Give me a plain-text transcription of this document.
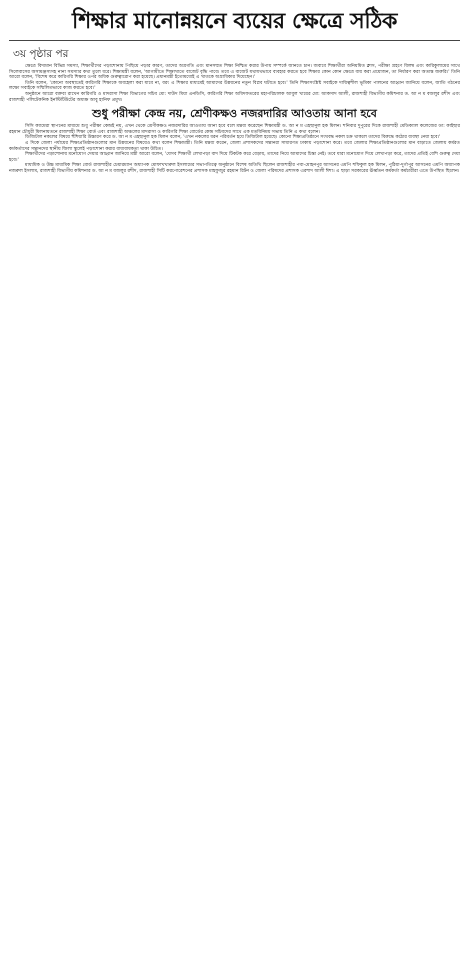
শিক্ষার মানোন্নয়নে ব্যয়ের ক্ষেত্রে সঠিক
৩য় পৃষ্ঠার পর

ক্ষেত্রে বিদ্যমান বিভিন্ন সমস্যা, শিক্ষার্থীদের পড়াশোনায় পিছিয়ে পড়ার কারণ, তাদের অগ্রগতি এবং মানসম্মত শিক্ষা নিশ্চিত করার উপায় সম্পর্কে জানতে চান। জবাবে শিক্ষার্থীরা অনিয়মিত ক্লাস, পরীক্ষা গ্রহণে বিলম্ব এবং কারিকুলামের সাথে সিলেবাসের অসামঞ্জস্যসহ নানা সমস্যার কথা তুলে ধরে। শিক্ষামন্ত্রী বলেন, 'আগামীতে শিক্ষাখাতে বাজেট বৃদ্ধি পাবে। তবে এ বাজেট যথাযথভাবে ব্যবহার করতে হবে শিক্ষার কোন কোন ক্ষেত্রে ব্যয় করা প্রয়োজন, তা নির্ধারণ করা অত্যন্ত জরুরি।' তিনি আরো বলেন, 'বিশেষ করে কারিগরি শিক্ষার ওপর অধিক গুরুত্বারোপ করা হয়েছে। প্রধানমন্ত্রী ইতোমধ্যেই এ খাতকে অগ্রাধিকার দিয়েছেন।'

তিনি বলেন, 'কোনো অবস্থাতেই কারিগরি শিক্ষাকে অবহেলা করা যাবে না, বরং এ শিক্ষার মাধ্যমেই আমাদের উন্নয়নের নতুন বিপ্লব ঘটাতে হবে।' তিনি শিক্ষাসংশ্লিষ্ট সবাইকে দায়িত্বশীল ভূমিকা পালনের আহ্বান জানিয়ে বলেন, জাতি গঠনের লক্ষ্যে সবাইকে সম্মিলিতভাবে কাজ করতে হবে।'

অনুষ্ঠানে আরো বক্তব্য রাখেন কারিগরি ও মাদরাসা শিক্ষা বিভাগের সচিব মো: দাউদ মিয়া এনডিসি, কারিগরি শিক্ষা অধিদফতরের মহাপরিচালক আবুল খায়ের মো: আকসাদ আলী, রাজশাহী বিভাগীয় কমিশনার ড. আ ন ম বজলুর রশীদ এবং রাজশাহী পলিটেকনিক ইনস্টিটিউটের অধ্যক্ষ আবু হানিফ প্রমুখ।

শুধু পরীক্ষা কেন্দ্র নয়, শ্রেণীকক্ষও নজরদারির আওতায় আনা হবে

সিসি ক্যামেরা স্থাপনের মাধ্যমে শুধু পরীক্ষা কেন্দ্রই নয়, এখন থেকে শ্রেণীকক্ষও নজরদারির আওতায় আনা হবে বলে মন্তব্য করেছেন শিক্ষামন্ত্রী ড. আ ন ম এহছানুল হক মিলন। শনিবার দুপুরের দিকে রাজশাহী মেডিক্যাল কলেজের ডা: কাইছার রহমান চৌধুরী মিলনায়তনে রাজশাহী শিক্ষা বোর্ড এবং রাজশাহী অঞ্চলের মাদরাসা ও কারিগরি শিক্ষা বোর্ডের কেন্দ্র সচিবদের সাথে এক মতবিনিময় সভায় তিনি এ কথা বলেন।

ডিজিটাল নকলের বিষয়ে হুঁশিয়ারি উচ্চারণ করে ড. আ ন ম এহছানুল হক মিলন বলেন, 'এখন নকলের ধরন পরিবর্তন হয়ে ডিজিটাল হয়েছে। কোনো শিক্ষাপ্রতিষ্ঠানে সংঘবদ্ধ নকল চক্র থাকলে তাদের বিরুদ্ধে কঠোর ব্যবস্থা নেয়া হবে।'

এ দিকে জেলা পর্যায়ের শিক্ষাপ্রতিষ্ঠানগুলোর মান উন্নয়নের বিষয়েও কথা বলেন শিক্ষামন্ত্রী। তিনি মন্তব্য করেন, জেলা প্রশাসকদের সন্তানরা সাধারণত ঢাকায় পড়াশোনা করে। তবে জেলার শিক্ষাপ্রতিষ্ঠানগুলোর মান বাড়াতে জেলায় কর্মরত কর্মকর্তাদের সন্তানদের স্থানীয় জিলা স্কুলেই পড়াশোনা করার বাধ্যবাধকতা থাকা উচিত।

শিক্ষার্থীদের পড়াশোনায় মনোযোগ দেয়ার আহ্বান জানিয়ে মন্ত্রী আরো বলেন, 'যেসব শিক্ষার্থী লেখাপড়া বাদ দিয়ে টিকটক করে বেড়ায়, তাদের নিয়ে আমাদের চিন্তা নেই। তবে যারা মনোযোগ দিয়ে লেখাপড়া করে, তাদের প্রতিই বেশি গুরুত্ব দেয়া হবে।'

মাধ্যমিক ও উচ্চ মাধ্যমিক শিক্ষা বোর্ড রাজশাহীর চেয়ারম্যান অধ্যাপক মোফাখখারুল ইসলামের সভাপতিত্বে অনুষ্ঠানে বিশেষ অতিথি ছিলেন রাজশাহীর পবা-মোহনপুর আসনের এমপি শফিকুল হক মিলন, পুঠিয়া-দুর্গাপুর আসনের এমপি অধ্যাপক নজরুল ইসলাম, রাজশাহী বিভাগীয় কমিশনার ড. আ ন ম বজলুর রশীদ, রাজশাহী সিটি করপোরেশনের প্রশাসক মাহফুজুর রহমান রিটন ও জেলা পরিষদের প্রশাসক এরশাদ আলী ঈশা। এ ছাড়া সরকারের ঊর্ধ্বতন কর্মকর্তা কর্মচারীরা এতে উপস্থিত ছিলেন।
